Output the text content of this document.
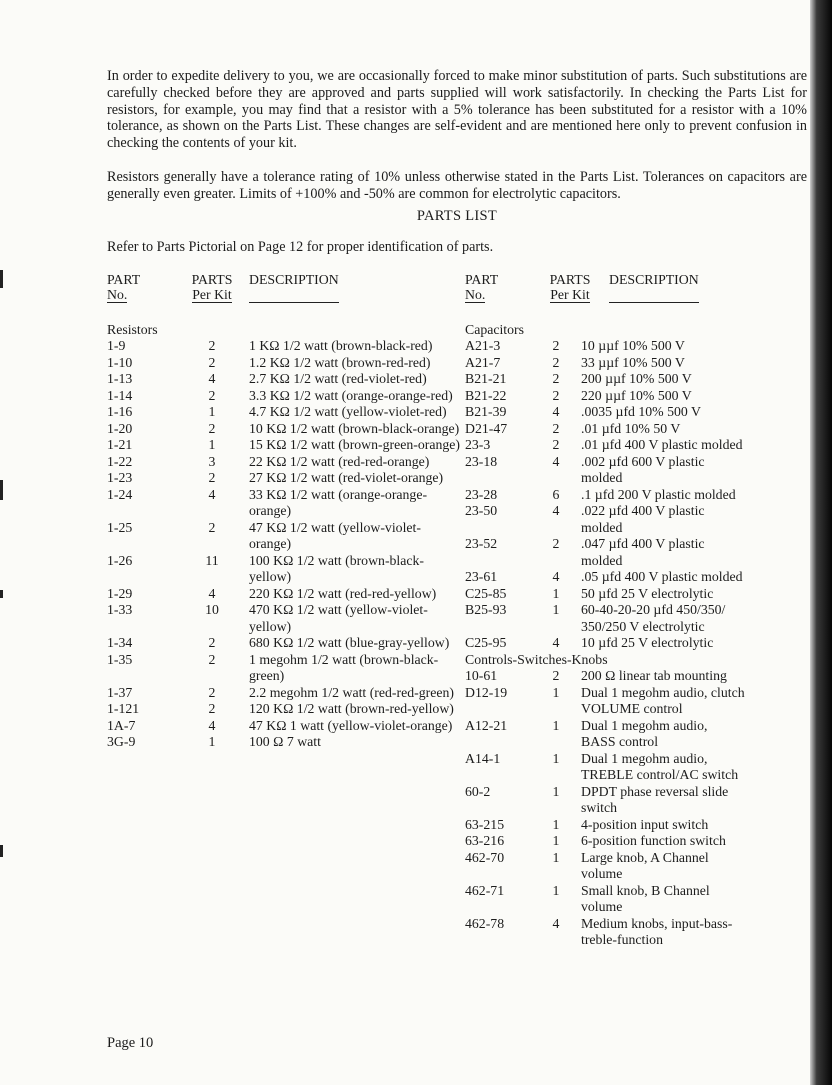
In order to expedite delivery to you, we are occasionally forced to make minor substitution of parts. Such substitutions are carefully checked before they are approved and parts supplied will work satisfactorily. In checking the Parts List for resistors, for example, you may find that a resistor with a 5% tolerance has been substituted for a resistor with a 10% tolerance, as shown on the Parts List. These changes are self-evident and are mentioned here only to prevent confusion in checking the contents of your kit.

Resistors generally have a tolerance rating of 10% unless otherwise stated in the Parts List. Tolerances on capacitors are generally even greater. Limits of +100% and -50% are common for electrolytic capacitors.

PARTS LIST
Refer to Parts Pictorial on Page 12 for proper identification of parts.
PART
No.
PARTS
Per Kit
DESCRIPTION
Resistors
1-9	2	1 KΩ 1/2 watt (brown-black-red)
1-10	2	1.2 KΩ 1/2 watt (brown-red-red)
1-13	4	2.7 KΩ 1/2 watt (red-violet-red)
1-14	2	3.3 KΩ 1/2 watt (orange-orange-red)
1-16	1	4.7 KΩ 1/2 watt (yellow-violet-red)
1-20	2	10 KΩ 1/2 watt (brown-black-orange)
1-21	1	15 KΩ 1/2 watt (brown-green-orange)
1-22	3	22 KΩ 1/2 watt (red-red-orange)
1-23	2	27 KΩ 1/2 watt (red-violet-orange)
1-24	4	33 KΩ 1/2 watt (orange-orange-orange)
1-25	2	47 KΩ 1/2 watt (yellow-violet-orange)
1-26	11	100 KΩ 1/2 watt (brown-black-yellow)
1-29	4	220 KΩ 1/2 watt (red-red-yellow)
1-33	10	470 KΩ 1/2 watt (yellow-violet-yellow)
1-34	2	680 KΩ 1/2 watt (blue-gray-yellow)
1-35	2	1 megohm 1/2 watt (brown-black-green)
1-37	2	2.2 megohm 1/2 watt (red-red-green)
1-121	2	120 KΩ 1/2 watt (brown-red-yellow)
1A-7	4	47 KΩ 1 watt (yellow-violet-orange)
3G-9	1	100 Ω 7 watt
PART
No.
PARTS
Per Kit
DESCRIPTION
Capacitors
A21-3	2	10 µµf 10% 500 V
A21-7	2	33 µµf 10% 500 V
B21-21	2	200 µµf 10% 500 V
B21-22	2	220 µµf 10% 500 V
B21-39	4	.0035 µfd 10% 500 V
D21-47	2	.01 µfd 10% 50 V
23-3	2	.01 µfd 400 V plastic molded
23-18	4	.002 µfd 600 V plastic
molded
23-28	6	.1 µfd 200 V plastic molded
23-50	4	.022 µfd 400 V plastic
molded
23-52	2	.047 µfd 400 V plastic
molded
23-61	4	.05 µfd 400 V plastic molded
C25-85	1	50 µfd 25 V electrolytic
B25-93	1	60-40-20-20 µfd 450/350/
350/250 V electrolytic
C25-95	4	10 µfd 25 V electrolytic
Controls-Switches-Knobs
10-61	2	200 Ω linear tab mounting
D12-19	1	Dual 1 megohm audio, clutch
VOLUME control
A12-21	1	Dual 1 megohm audio,
BASS control
A14-1	1	Dual 1 megohm audio,
TREBLE control/AC switch
60-2	1	DPDT phase reversal slide
switch
63-215	1	4-position input switch
63-216	1	6-position function switch
462-70	1	Large knob, A Channel
volume
462-71	1	Small knob, B Channel
volume
462-78	4	Medium knobs, input-bass-
treble-function
Page 10
